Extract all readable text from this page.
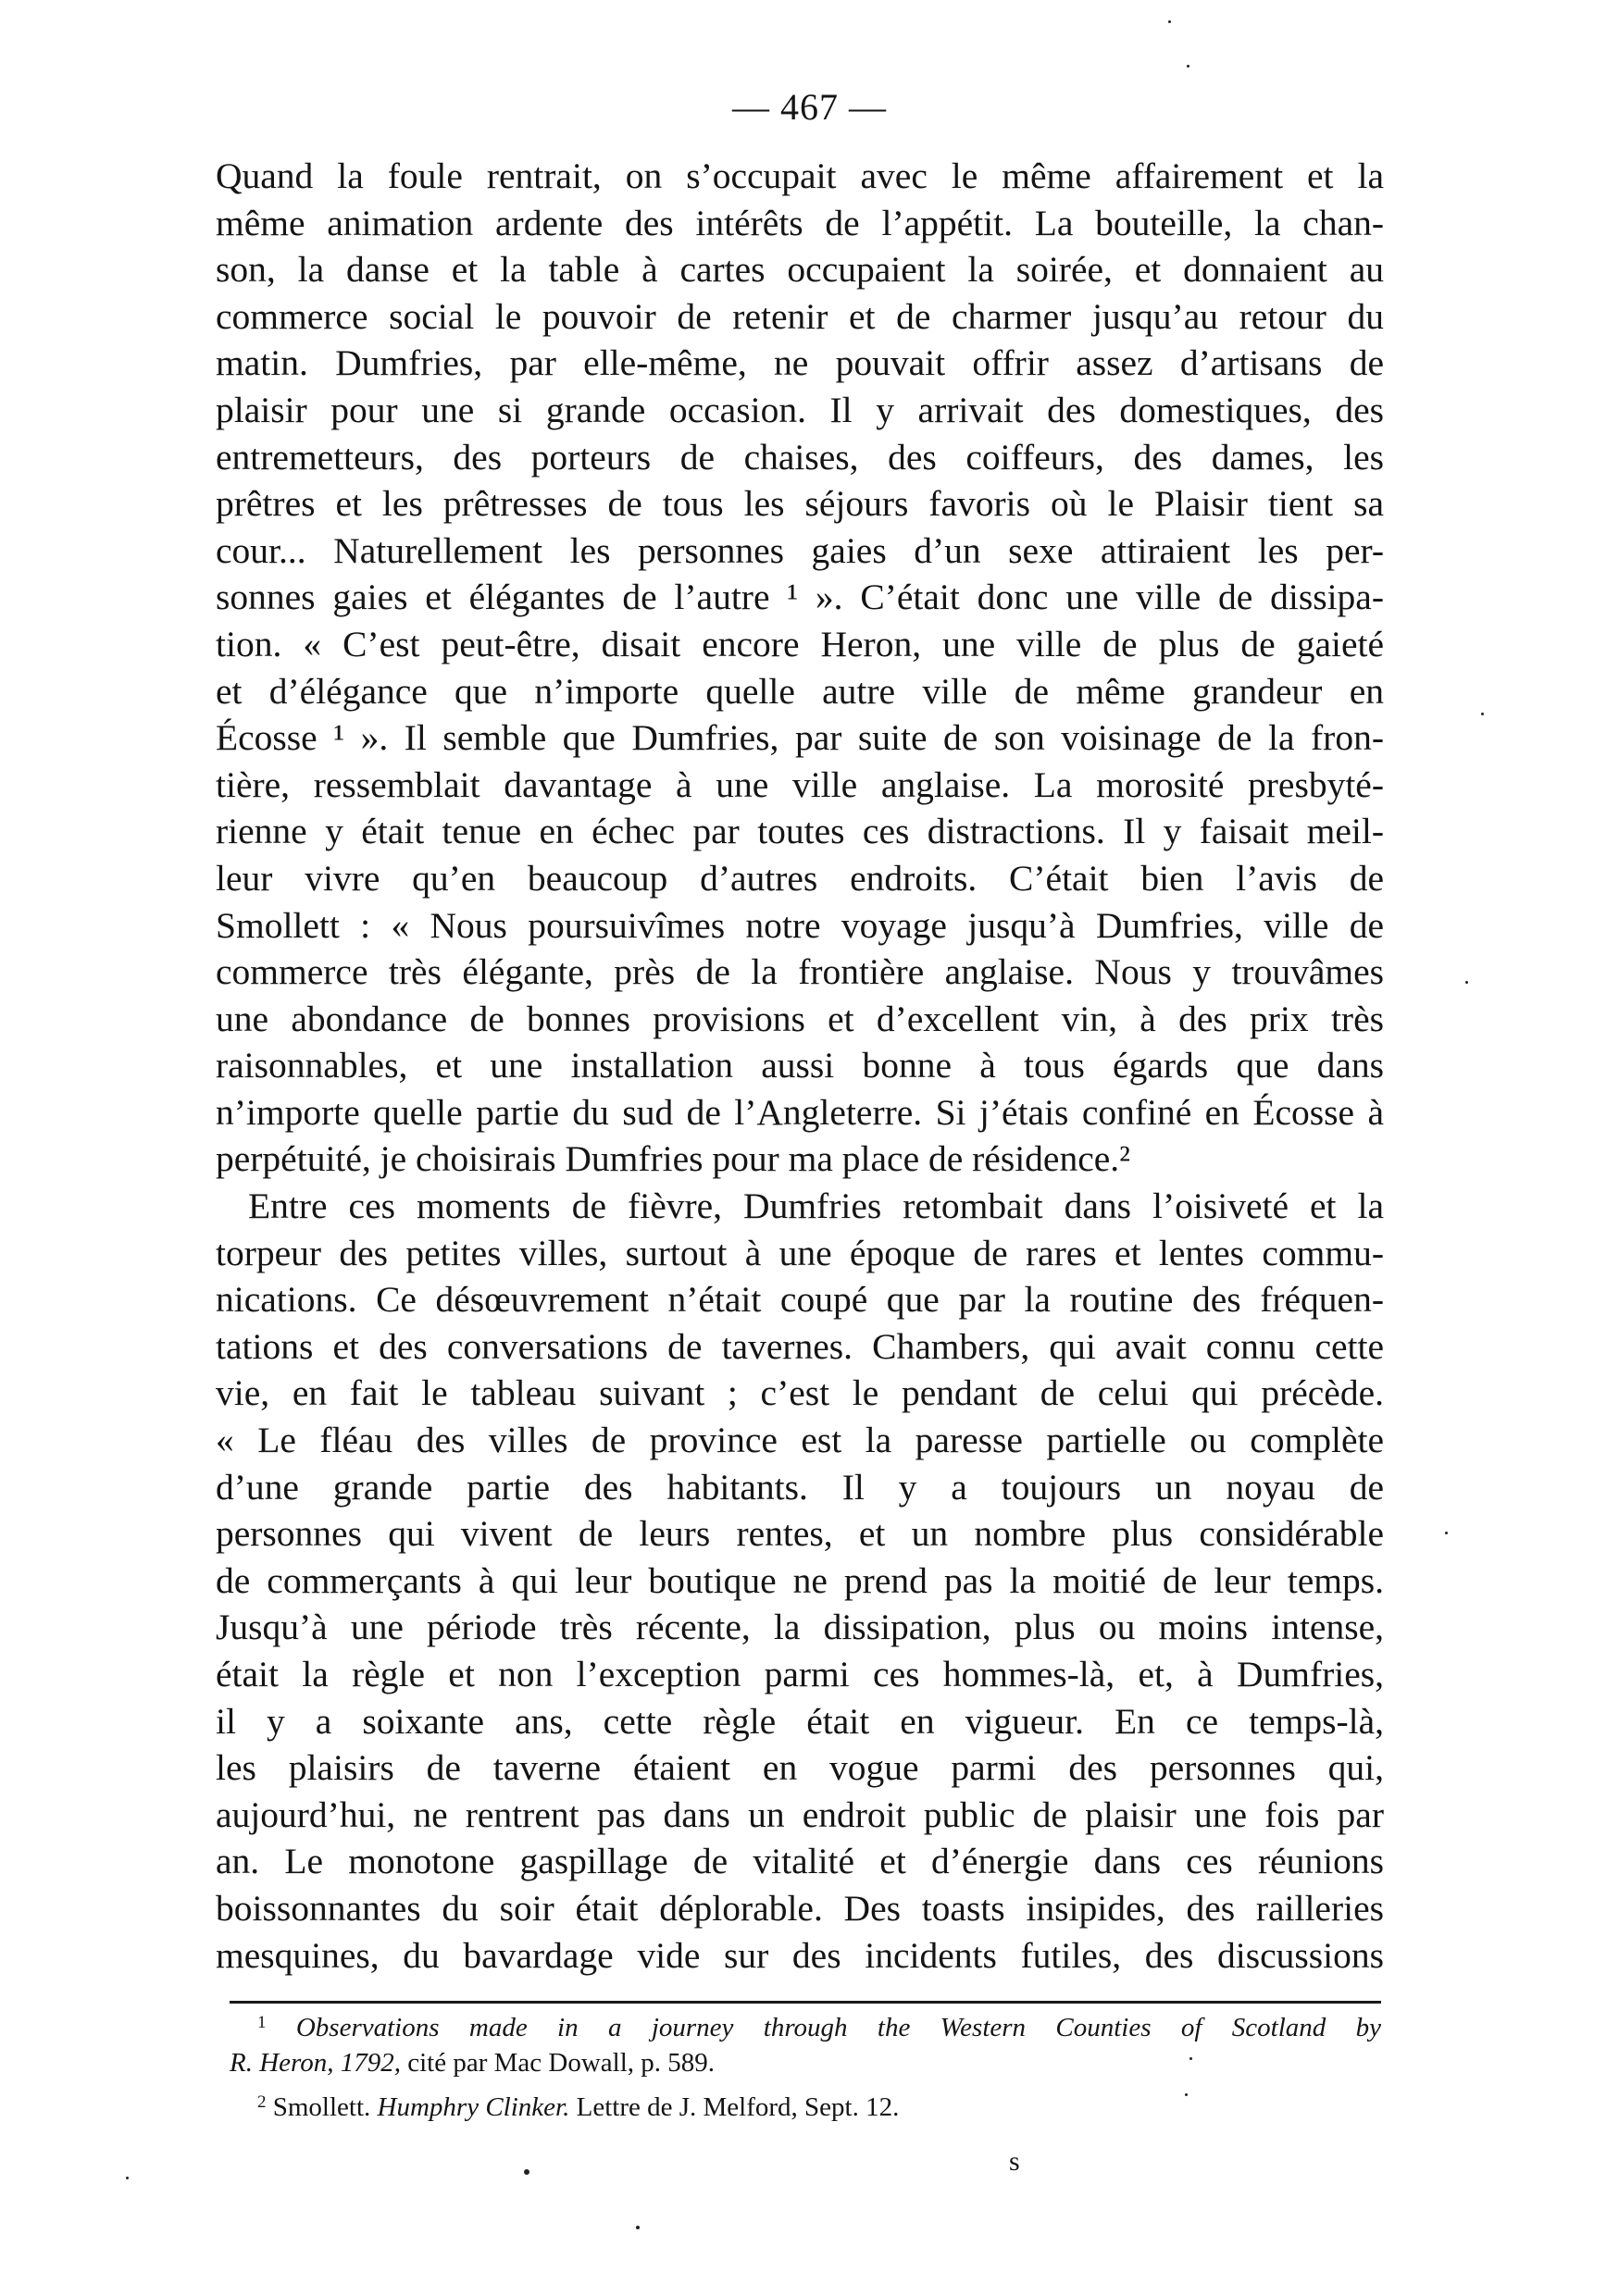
— 467 —
Quand la foule rentrait, on s’occupait avec le même affairement et la
même animation ardente des intérêts de l’appétit. La bouteille, la chan-
son, la danse et la table à cartes occupaient la soirée, et donnaient au
commerce social le pouvoir de retenir et de charmer jusqu’au retour du
matin. Dumfries, par elle-même, ne pouvait offrir assez d’artisans de
plaisir pour une si grande occasion. Il y arrivait des domestiques, des
entremetteurs, des porteurs de chaises, des coiffeurs, des dames, les
prêtres et les prêtresses de tous les séjours favoris où le Plaisir tient sa
cour... Naturellement les personnes gaies d’un sexe attiraient les per-
sonnes gaies et élégantes de l’autre ¹ ». C’était donc une ville de dissipa-
tion. « C’est peut-être, disait encore Heron, une ville de plus de gaieté
et d’élégance que n’importe quelle autre ville de même grandeur en
Écosse ¹ ». Il semble que Dumfries, par suite de son voisinage de la fron-
tière, ressemblait davantage à une ville anglaise. La morosité presbyté-
rienne y était tenue en échec par toutes ces distractions. Il y faisait meil-
leur vivre qu’en beaucoup d’autres endroits. C’était bien l’avis de
Smollett : « Nous poursuivîmes notre voyage jusqu’à Dumfries, ville de
commerce très élégante, près de la frontière anglaise. Nous y trouvâmes
une abondance de bonnes provisions et d’excellent vin, à des prix très
raisonnables, et une installation aussi bonne à tous égards que dans
n’importe quelle partie du sud de l’Angleterre. Si j’étais confiné en Écosse à
perpétuité, je choisirais Dumfries pour ma place de résidence.²
Entre ces moments de fièvre, Dumfries retombait dans l’oisiveté et la
torpeur des petites villes, surtout à une époque de rares et lentes commu-
nications. Ce désœuvrement n’était coupé que par la routine des fréquen-
tations et des conversations de tavernes. Chambers, qui avait connu cette
vie, en fait le tableau suivant ; c’est le pendant de celui qui précède.
« Le fléau des villes de province est la paresse partielle ou complète
d’une grande partie des habitants. Il y a toujours un noyau de
personnes qui vivent de leurs rentes, et un nombre plus considérable
de commerçants à qui leur boutique ne prend pas la moitié de leur temps.
Jusqu’à une période très récente, la dissipation, plus ou moins intense,
était la règle et non l’exception parmi ces hommes-là, et, à Dumfries,
il y a soixante ans, cette règle était en vigueur. En ce temps-là,
les plaisirs de taverne étaient en vogue parmi des personnes qui,
aujourd’hui, ne rentrent pas dans un endroit public de plaisir une fois par
an. Le monotone gaspillage de vitalité et d’énergie dans ces réunions
boissonnantes du soir était déplorable. Des toasts insipides, des railleries
mesquines, du bavardage vide sur des incidents futiles, des discussions
$^1$ Observations made in a journey through the Western Counties of Scotland by
R. Heron, 1792, cité par Mac Dowall, p. 589.
$^2$ Smollett. Humphry Clinker. Lettre de J. Melford, Sept. 12.
s
